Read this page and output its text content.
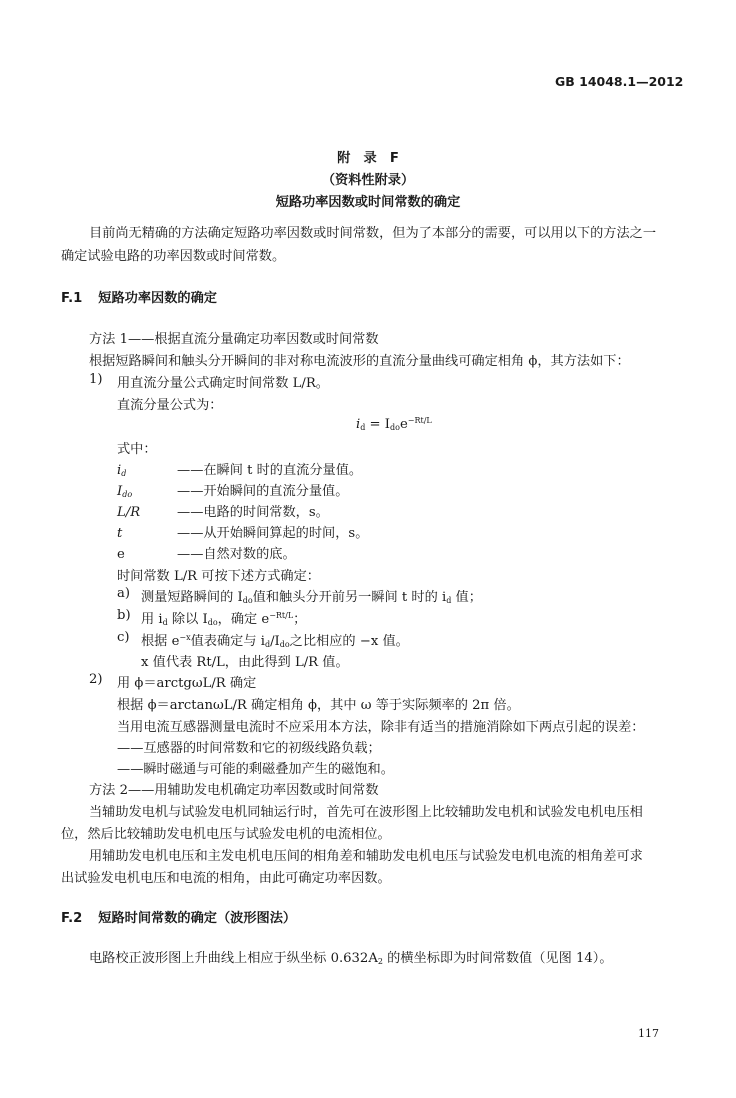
GB 14048.1—2012
附　录　F
（资料性附录）
短路功率因数或时间常数的确定
目前尚无精确的方法确定短路功率因数或时间常数，但为了本部分的需要，可以用以下的方法之一
确定试验电路的功率因数或时间常数。
F.1 短路功率因数的确定
方法 1——根据直流分量确定功率因数或时间常数
根据短路瞬间和触头分开瞬间的非对称电流波形的直流分量曲线可确定相角 ϕ，其方法如下：
1) 用直流分量公式确定时间常数 L/R。
直流分量公式为：
$i_d = I_{do}e^{-Rt/L}$
式中：
$i_d$	——在瞬间 t 时的直流分量值。
$I_{do}$	——开始瞬间的直流分量值。
L/R	——电路的时间常数，s。
t	——从开始瞬间算起的时间，s。
e	——自然对数的底。
时间常数 L/R 可按下述方式确定：
a) 测量短路瞬间的 $I_{do}$值和触头分开前另一瞬间 t 时的 $i_d$ 值；
b) 用 $i_d$ 除以 $I_{do}$，确定 $e^{-Rt/L}$；
c) 根据 $e^{-x}$值表确定与 $i_d/I_{do}$之比相应的 −x 值。
x 值代表 Rt/L，由此得到 L/R 值。
2) 用 ϕ＝arctgωL/R 确定
根据 ϕ＝arctanωL/R 确定相角 ϕ，其中 ω 等于实际频率的 2π 倍。
当用电流互感器测量电流时不应采用本方法，除非有适当的措施消除如下两点引起的误差：
——互感器的时间常数和它的初级线路负载；
——瞬时磁通与可能的剩磁叠加产生的磁饱和。
方法 2——用辅助发电机确定功率因数或时间常数
当辅助发电机与试验发电机同轴运行时，首先可在波形图上比较辅助发电机和试验发电机电压相
位，然后比较辅助发电机电压与试验发电机的电流相位。
用辅助发电机电压和主发电机电压间的相角差和辅助发电机电压与试验发电机电流的相角差可求
出试验发电机电压和电流的相角，由此可确定功率因数。
F.2 短路时间常数的确定（波形图法）
电路校正波形图上升曲线上相应于纵坐标 $0.632A_2$ 的横坐标即为时间常数值（见图 14）。
117
